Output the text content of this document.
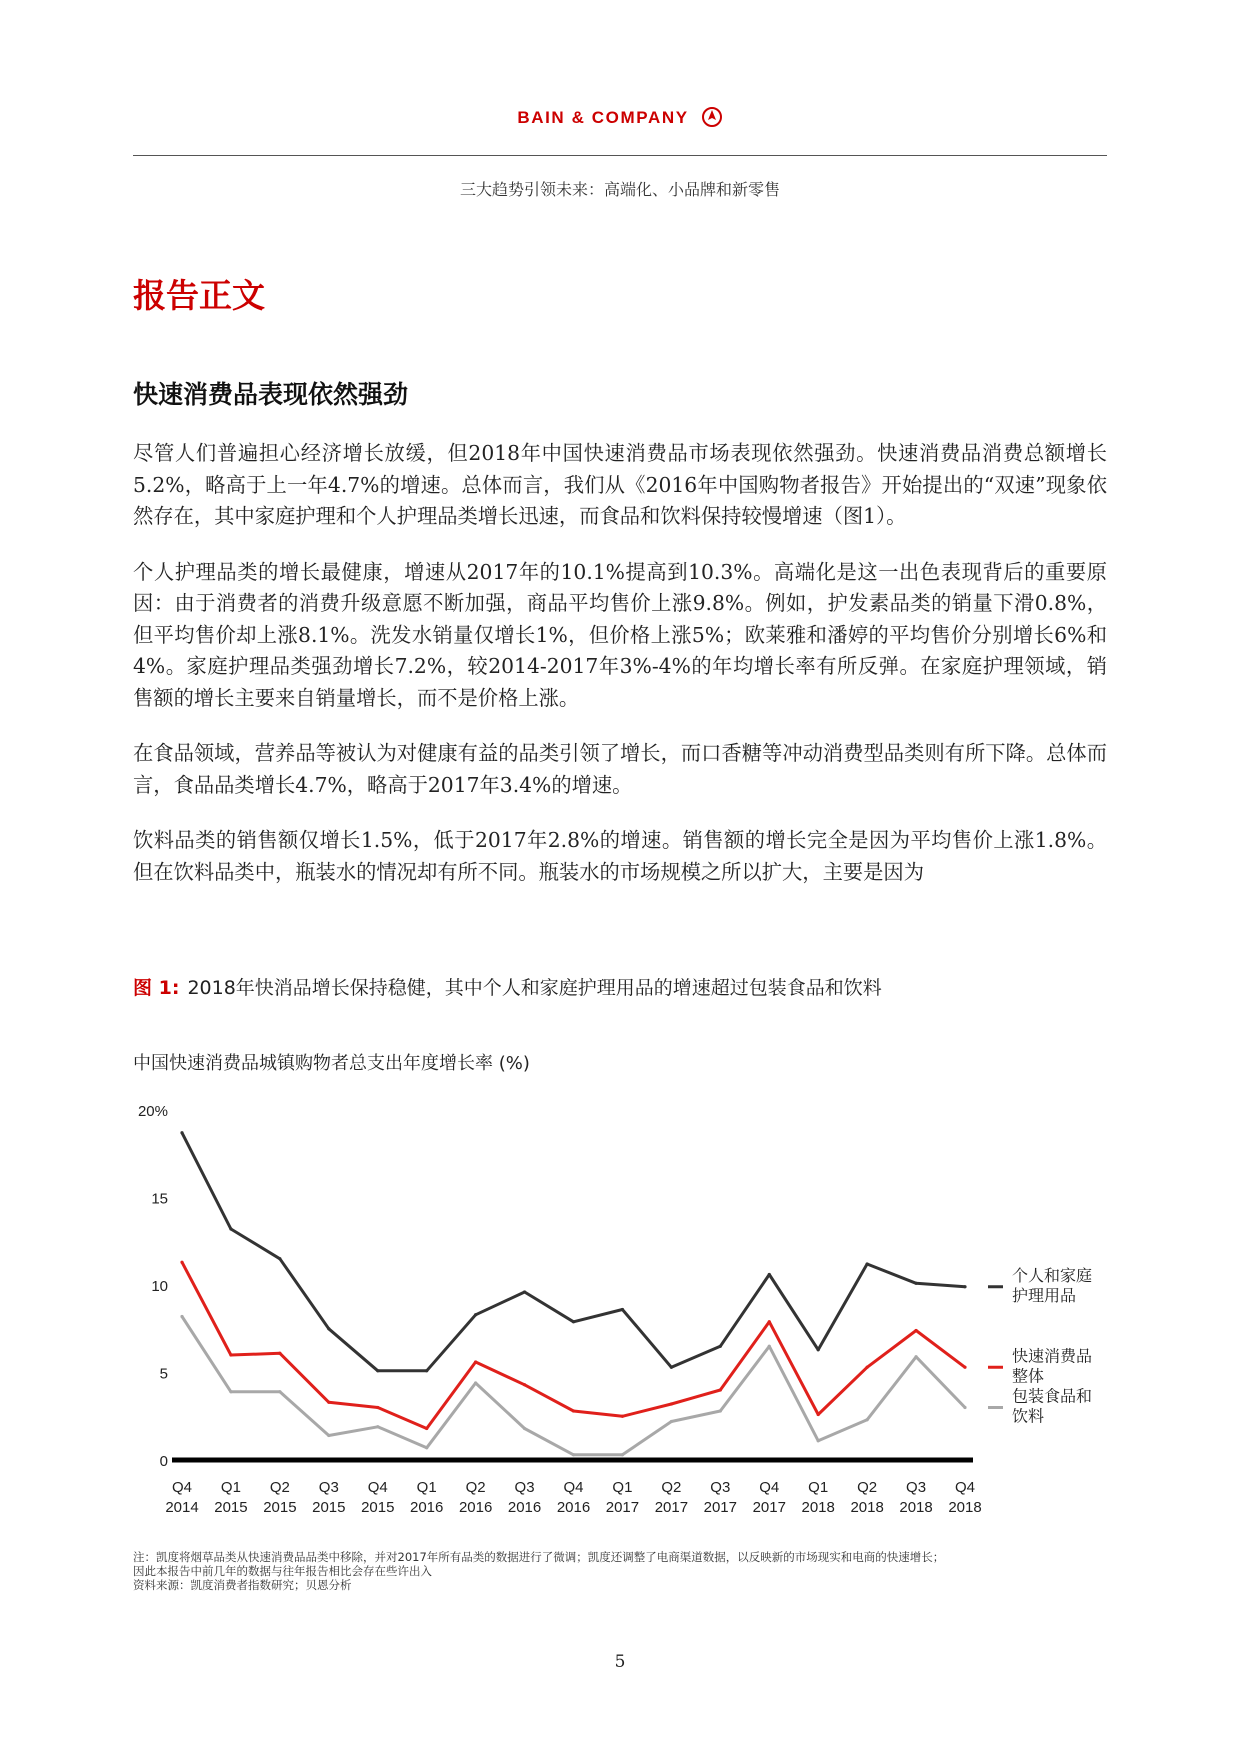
BAIN & COMPANY
三大趋势引领未来：高端化、小品牌和新零售
报告正文
快速消费品表现依然强劲

尽管人们普遍担心经济增长放缓，但2018年中国快速消费品市场表现依然强劲。快速消费品消费总额增长5.2%，略高于上一年4.7%的增速。总体而言，我们从《2016年中国购物者报告》开始提出的“双速”现象依然存在，其中家庭护理和个人护理品类增长迅速，而食品和饮料保持较慢增速（图1）。

个人护理品类的增长最健康，增速从2017年的10.1%提高到10.3%。高端化是这一出色表现背后的重要原因：由于消费者的消费升级意愿不断加强，商品平均售价上涨9.8%。例如，护发素品类的销量下滑0.8%，但平均售价却上涨8.1%。洗发水销量仅增长1%，但价格上涨5%；欧莱雅和潘婷的平均售价分别增长6%和4%。家庭护理品类强劲增长7.2%，较2014-2017年3%-4%的年均增长率有所反弹。在家庭护理领域，销售额的增长主要来自销量增长，而不是价格上涨。

在食品领域，营养品等被认为对健康有益的品类引领了增长，而口香糖等冲动消费型品类则有所下降。总体而言，食品品类增长4.7%，略高于2017年3.4%的增速。

饮料品类的销售额仅增长1.5%，低于2017年2.8%的增速。销售额的增长完全是因为平均售价上涨1.8%。但在饮料品类中，瓶装水的情况却有所不同。瓶装水的市场规模之所以扩大，主要是因为

图 1: 2018年快消品增长保持稳健，其中个人和家庭护理用品的增速超过包装食品和饮料
中国快速消费品城镇购物者总支出年度增长率 (%)
0
5
10
15
20%
个人和家庭
护理用品
快速消费品
整体
包装食品和
饮料
Q4
2014
Q1
2015
Q2
2015
Q3
2015
Q4
2015
Q1
2016
Q2
2016
Q3
2016
Q4
2016
Q1
2017
Q2
2017
Q3
2017
Q4
2017
Q1
2018
Q2
2018
Q3
2018
Q4
2018
注：凯度将烟草品类从快速消费品品类中移除，并对2017年所有品类的数据进行了微调；凯度还调整了电商渠道数据，以反映新的市场现实和电商的快速增长；
因此本报告中前几年的数据与往年报告相比会存在些许出入
资料来源：凯度消费者指数研究；贝恩分析
5
